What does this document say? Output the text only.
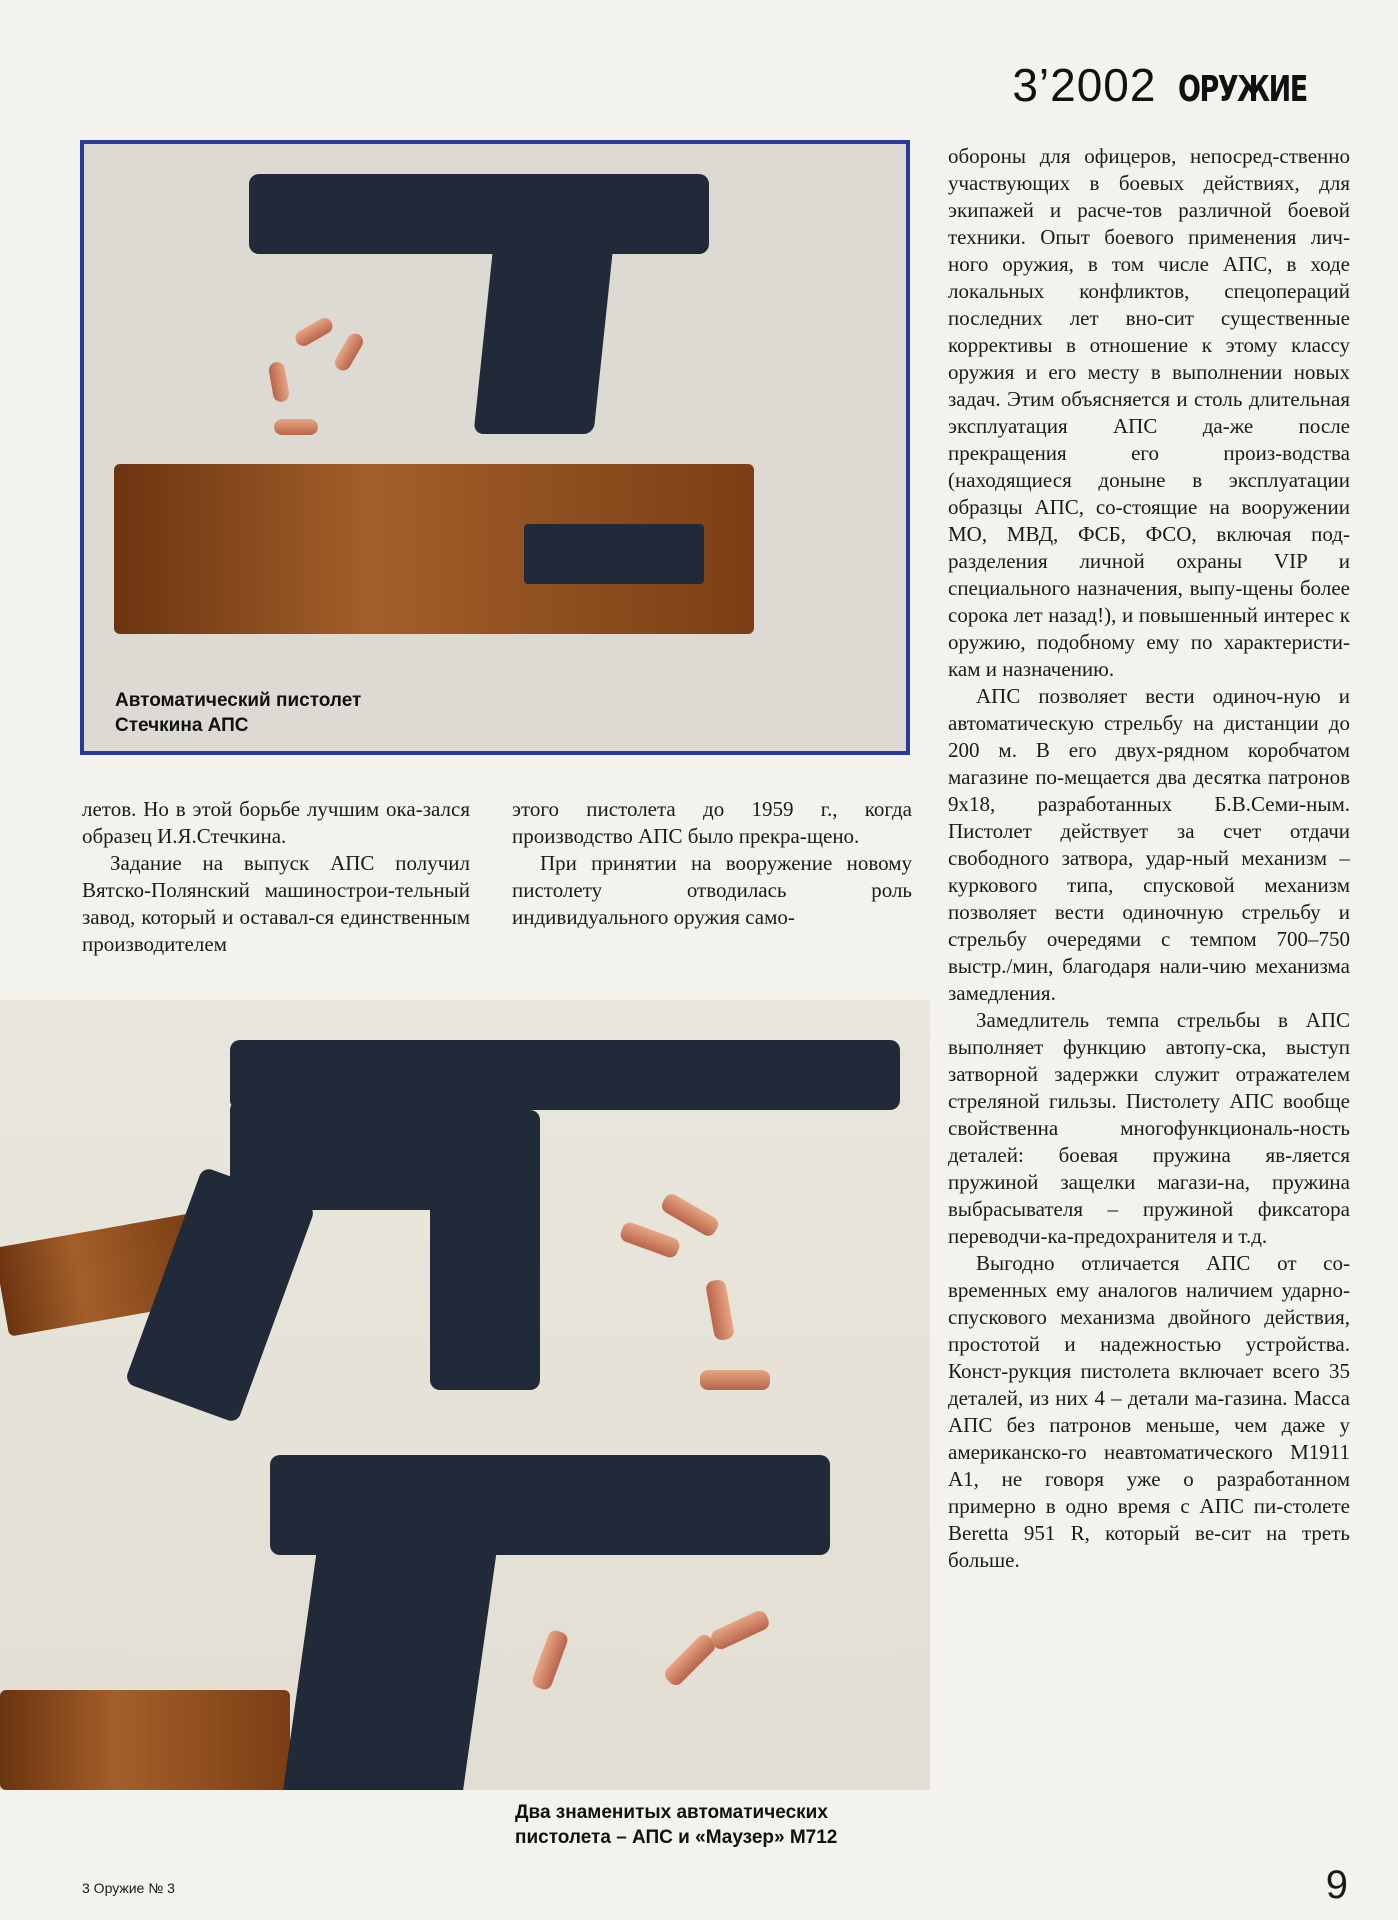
3’2002 ОРУЖИЕ
Автоматический пистолет Стечкина АПС
Два знаменитых автоматических пистолета – АПС и «Маузер» М712

летов. Но в этой борьбе лучшим ока-зался образец И.Я.Стечкина.

Задание на выпуск АПС получил Вятско-Полянский машинострои-тельный завод, который и оставал-ся единственным производителем

этого пистолета до 1959 г., когда производство АПС было прекра-щено.

При принятии на вооружение новому пистолету отводилась роль индивидуального оружия само-

обороны для офицеров, непосред-ственно участвующих в боевых действиях, для экипажей и расче-тов различной боевой техники. Опыт боевого применения лич-ного оружия, в том числе АПС, в ходе локальных конфликтов, спецопераций последних лет вно-сит существенные коррективы в отношение к этому классу оружия и его месту в выполнении новых задач. Этим объясняется и столь длительная эксплуатация АПС да-же после прекращения его произ-водства (находящиеся доныне в эксплуатации образцы АПС, со-стоящие на вооружении МО, МВД, ФСБ, ФСО, включая под-разделения личной охраны VIP и специального назначения, выпу-щены более сорока лет назад!), и повышенный интерес к оружию, подобному ему по характеристи-кам и назначению.

АПС позволяет вести одиноч-ную и автоматическую стрельбу на дистанции до 200 м. В его двух-рядном коробчатом магазине по-мещается два десятка патронов 9х18, разработанных Б.В.Семи-ным. Пистолет действует за счет отдачи свободного затвора, удар-ный механизм – куркового типа, спусковой механизм позволяет вести одиночную стрельбу и стрельбу очередями с темпом 700–750 выстр./мин, благодаря нали-чию механизма замедления.

Замедлитель темпа стрельбы в АПС выполняет функцию автопу-ска, выступ затворной задержки служит отражателем стреляной гильзы. Пистолету АПС вообще свойственна многофункциональ-ность деталей: боевая пружина яв-ляется пружиной защелки магази-на, пружина выбрасывателя – пружиной фиксатора переводчи-ка-предохранителя и т.д.

Выгодно отличается АПС от со-временных ему аналогов наличием ударно-спускового механизма двойного действия, простотой и надежностью устройства. Конст-рукция пистолета включает всего 35 деталей, из них 4 – детали ма-газина. Масса АПС без патронов меньше, чем даже у американско-го неавтоматического М1911 А1, не говоря уже о разработанном примерно в одно время с АПС пи-столете Beretta 951 R, который ве-сит на треть больше.

3 Оружие № 3	9
